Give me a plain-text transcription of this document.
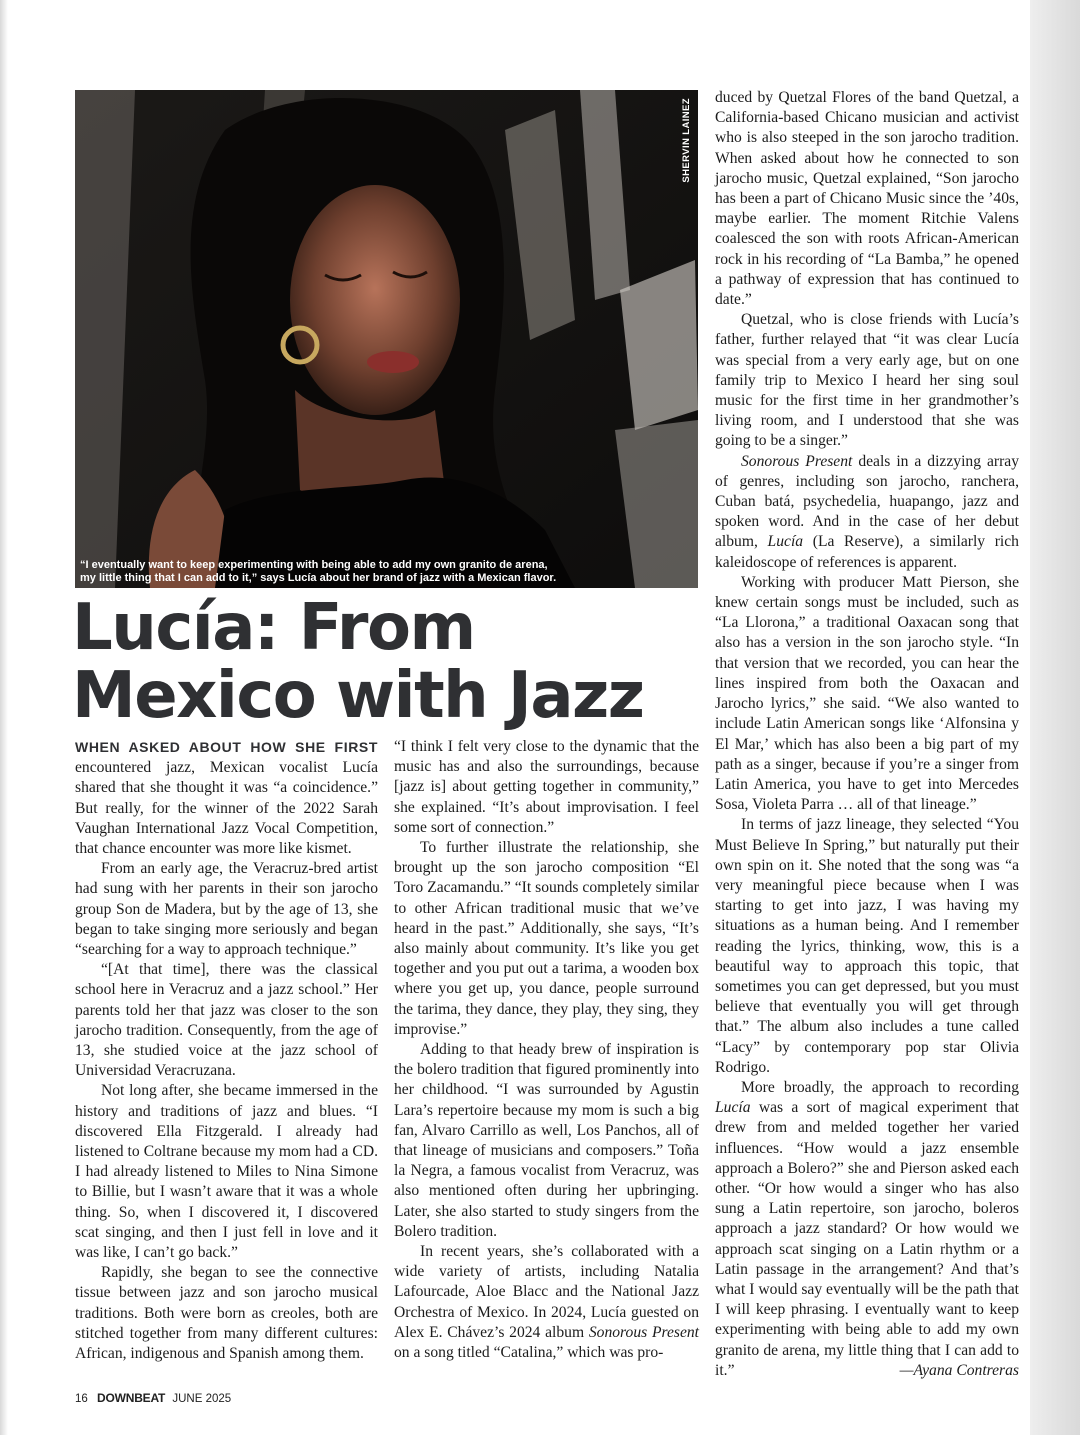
SHERVIN LAINEZ
“I eventually want to keep experimenting with being able to add my own granito de arena,
my little thing that I can add to it,” says Lucía about her brand of jazz with a Mexican flavor.
Lucía: From
Mexico with Jazz

WHEN ASKED ABOUT HOW SHE FIRST encountered jazz, Mexican vocalist Lucía shared that she thought it was “a coincidence.” But really, for the winner of the 2022 Sarah Vaughan International Jazz Vocal Competition, that chance encounter was more like kismet.

From an early age, the Veracruz-bred artist had sung with her parents in their son jarocho group Son de Madera, but by the age of 13, she began to take singing more seriously and began “searching for a way to approach technique.”

“[At that time], there was the classical school here in Veracruz and a jazz school.” Her parents told her that jazz was closer to the son jarocho tradition. Consequently, from the age of 13, she studied voice at the jazz school of Universidad Veracruzana.

Not long after, she became immersed in the history and traditions of jazz and blues. “I discovered Ella Fitzgerald. I already had listened to Coltrane because my mom had a CD. I had already listened to Miles to Nina Simone to Billie, but I wasn’t aware that it was a whole thing. So, when I discovered it, I discovered scat singing, and then I just fell in love and it was like, I can’t go back.”

Rapidly, she began to see the connective tissue between jazz and son jarocho musical traditions. Both were born as creoles, both are stitched together from many different cultures: African, indigenous and Spanish among them.

“I think I felt very close to the dynamic that the music has and also the surroundings, because [jazz is] about getting together in community,” she explained. “It’s about improvisation. I feel some sort of connection.”

To further illustrate the relationship, she brought up the son jarocho composition “El Toro Zacamandu.” “It sounds completely similar to other African traditional music that we’ve heard in the past.” Additionally, she says, “It’s also mainly about community. It’s like you get together and you put out a tarima, a wooden box where you get up, you dance, people surround the tarima, they dance, they play, they sing, they improvise.”

Adding to that heady brew of inspiration is the bolero tradition that figured prominently into her childhood. “I was surrounded by Agustin Lara’s repertoire because my mom is such a big fan, Alvaro Carrillo as well, Los Panchos, all of that lineage of musicians and composers.” Toña la Negra, a famous vocalist from Veracruz, was also mentioned often during her upbringing. Later, she also started to study singers from the Bolero tradition.

In recent years, she’s collaborated with a wide variety of artists, including Natalia Lafourcade, Aloe Blacc and the National Jazz Orchestra of Mexico. In 2024, Lucía guested on Alex E. Chávez’s 2024 album Sonorous Present on a song titled “Catalina,” which was pro-

duced by Quetzal Flores of the band Quetzal, a California-based Chicano musician and activist who is also steeped in the son jarocho tradition. When asked about how he connected to son jarocho music, Quetzal explained, “Son jarocho has been a part of Chicano Music since the ’40s, maybe earlier. The moment Ritchie Valens coalesced the son with roots African-American rock in his recording of “La Bamba,” he opened a pathway of expression that has continued to date.”

Quetzal, who is close friends with Lucía’s father, further relayed that “it was clear Lucía was special from a very early age, but on one family trip to Mexico I heard her sing soul music for the first time in her grandmother’s living room, and I understood that she was going to be a singer.”

Sonorous Present deals in a dizzying array of genres, including son jarocho, ranchera, Cuban batá, psychedelia, huapango, jazz and spoken word. And in the case of her debut album, Lucía (La Reserve), a similarly rich kaleidoscope of references is apparent.

Working with producer Matt Pierson, she knew certain songs must be included, such as “La Llorona,” a traditional Oaxacan song that also has a version in the son jarocho style. “In that version that we recorded, you can hear the lines inspired from both the Oaxacan and Jarocho lyrics,” she said. “We also wanted to include Latin American songs like ‘Alfonsina y El Mar,’ which has also been a big part of my path as a singer, because if you’re a singer from Latin America, you have to get into Mercedes Sosa, Violeta Parra … all of that lineage.”

In terms of jazz lineage, they selected “You Must Believe In Spring,” but naturally put their own spin on it. She noted that the song was “a very meaningful piece because when I was starting to get into jazz, I was having my situations as a human being. And I remember reading the lyrics, thinking, wow, this is a beautiful way to approach this topic, that sometimes you can get depressed, but you must believe that eventually you will get through that.” The album also includes a tune called “Lacy” by contemporary pop star Olivia Rodrigo.

More broadly, the approach to recording Lucía was a sort of magical experiment that drew from and melded together her varied influences. “How would a jazz ensemble approach a Bolero?” she and Pierson asked each other. “Or how would a singer who has also sung a Latin repertoire, son jarocho, boleros approach a jazz standard? Or how would we approach scat singing on a Latin rhythm or a Latin passage in the arrangement? And that’s what I would say eventually will be the path that I will keep phrasing. I eventually want to keep experimenting with being able to add my own granito de arena, my little thing that I can add to it.”	—Ayana Contreras

16 DOWNBEAT JUNE 2025
